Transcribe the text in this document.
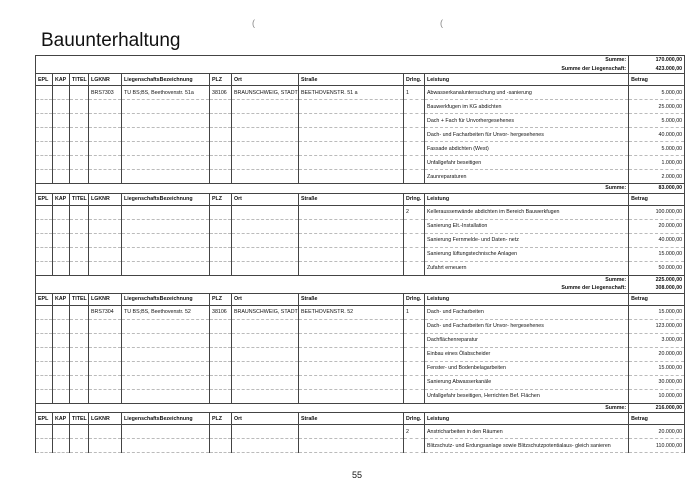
Bauunterhaltung
(	(
Summe:										170.000,00
Summe der Liegenschaft:										423.000,00
EPL	KAP	TITEL	LGKNR	LiegenschaftsBezeichnung	PLZ	Ort	Straße	Drlng.	Leistung	Betrag
			BRS7303	TU BS;BS, Beethovenstr. 51a	38106	BRAUNSCHWEIG, STADT	BEETHOVENSTR. 51 a	1	Abwasserkanaluntersuchung und -sanierung	5.000,00
									Bauwerkfugen im KG abdichten	25.000,00
									Dach + Fach für Unvorhergesehenes	5.000,00
									Dach- und Facharbeiten für Unvor- hergesehenes	40.000,00
									Fassade abdichten (West)	5.000,00
									Unfallgefahr beseitigen	1.000,00
									Zaunreparaturen	2.000,00
Summe:										83.000,00
EPL	KAP	TITEL	LGKNR	LiegenschaftsBezeichnung	PLZ	Ort	Straße	Drlng.	Leistung	Betrag
								2	Kelleraussenwände abdichten im Bereich Bauwerkfugen	100.000,00
									Sanierung Elt.-Installation	20.000,00
									Sanierung Fernmelde- und Daten- netz	40.000,00
									Sanierung lüftungstechnische Anlagen	15.000,00
									Zufahrt erneuern	50.000,00
Summe:										225.000,00
Summe der Liegenschaft:										308.000,00
EPL	KAP	TITEL	LGKNR	LiegenschaftsBezeichnung	PLZ	Ort	Straße	Drlng.	Leistung	Betrag
			BRS7304	TU BS;BS, Beethovenstr. 52	38106	BRAUNSCHWEIG, STADT	BEETHOVENSTR. 52	1	Dach- und Facharbeiten	15.000,00
									Dach- und Facharbeiten für Unvor- hergesehenes	123.000,00
									Dachflächenreparatur	3.000,00
									Einbau eines Ölabscheider	20.000,00
									Fenster- und Bodenbelagarbeiten	15.000,00
									Sanierung Abwasserkanäle	30.000,00
									Unfallgefahr beseitigen, Herrichten Bef. Flächen	10.000,00
Summe:										216.000,00
EPL	KAP	TITEL	LGKNR	LiegenschaftsBezeichnung	PLZ	Ort	Straße	Drlng.	Leistung	Betrag
								2	Anstricharbeiten in den Räumen	20.000,00
									Blitzschutz- und Erdungsanlage sowie Blitzschutzpotentialaus- gleich sanieren	110.000,00
55
